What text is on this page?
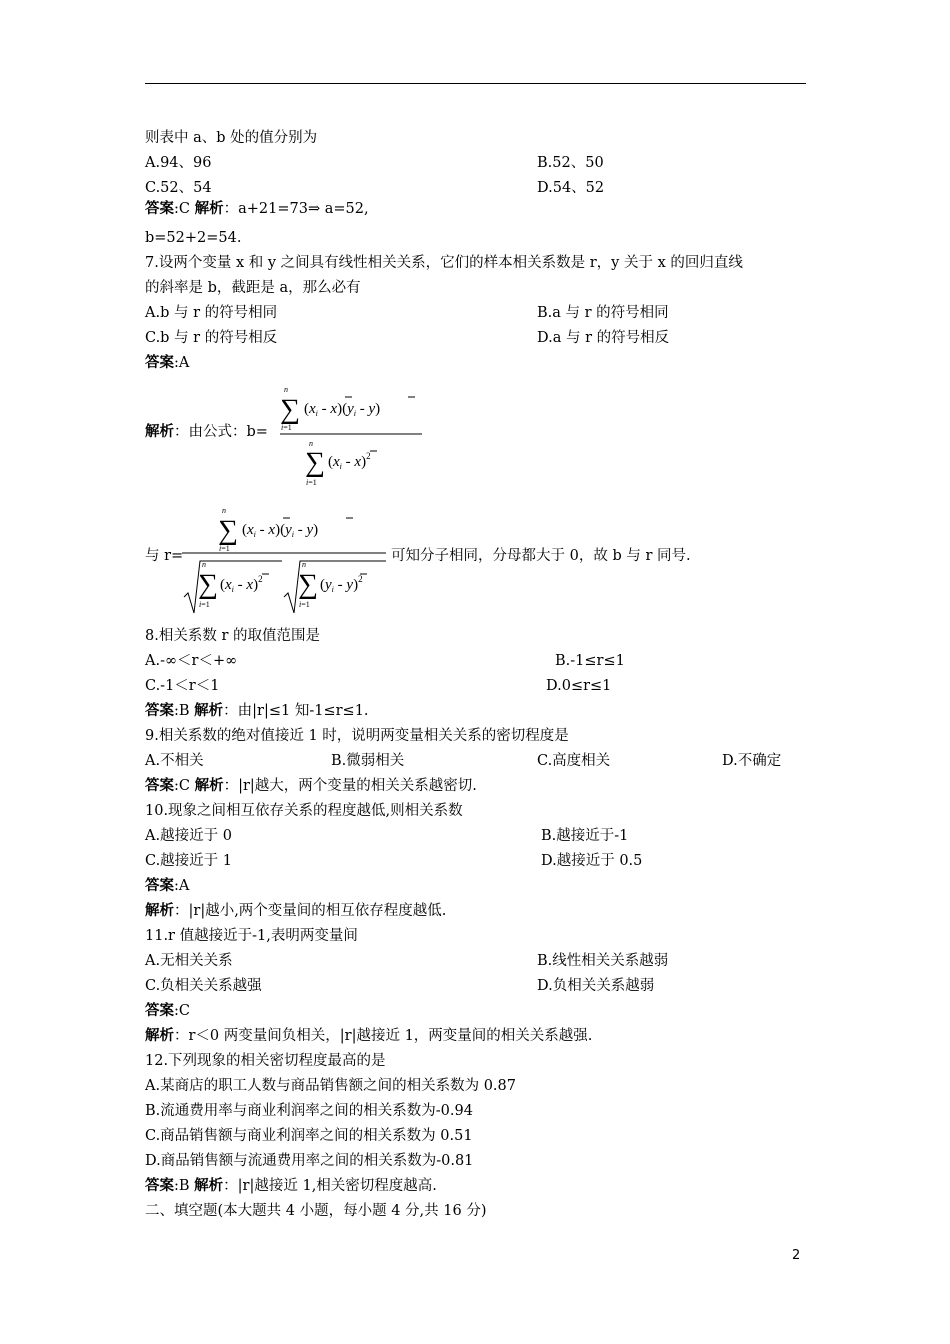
则表中 a、b 处的值分别为
A.94、96	B.52、50
C.52、54	D.54、52
答案:C 解析：a+21=73⇒ a=52,
b=52+2=54.
7.设两个变量 x 和 y 之间具有线性相关关系，它们的样本相关系数是 r，y 关于 x 的回归直线
的斜率是 b，截距是 a，那么必有
A.b 与 r 的符号相同	B.a 与 r 的符号相同
C.b 与 r 的符号相反	D.a 与 r 的符号相反
答案:A
解析：由公式：b=
n
∑
i=1
$(x_i - x)(y_i - y)$
n
∑
i=1
$(x_i - x)^2$
与 r=
n
∑
i=1
$(x_i - x)(y_i - y)$
n
∑
i=1
$(x_i - x)^2$
n
∑
i=1
$(y_i - y)^2$
可知分子相同，分母都大于 0，故 b 与 r 同号.
8.相关系数 r 的取值范围是
A.-∞＜r＜+∞	B.-1≤r≤1
C.-1＜r＜1	D.0≤r≤1
答案:B 解析：由|r|≤1 知-1≤r≤1.
9.相关系数的绝对值接近 1 时，说明两变量相关关系的密切程度是
A.不相关	B.微弱相关	C.高度相关	D.不确定
答案:C 解析：|r|越大，两个变量的相关关系越密切.
10.现象之间相互依存关系的程度越低,则相关系数
A.越接近于 0	B.越接近于-1
C.越接近于 1	D.越接近于 0.5
答案:A
解析：|r|越小,两个变量间的相互依存程度越低.
11.r 值越接近于-1,表明两变量间
A.无相关关系	B.线性相关关系越弱
C.负相关关系越强	D.负相关关系越弱
答案:C
解析：r＜0 两变量间负相关，|r|越接近 1，两变量间的相关关系越强.
12.下列现象的相关密切程度最高的是
A.某商店的职工人数与商品销售额之间的相关系数为 0.87
B.流通费用率与商业利润率之间的相关系数为-0.94
C.商品销售额与商业利润率之间的相关系数为 0.51
D.商品销售额与流通费用率之间的相关系数为-0.81
答案:B 解析：|r|越接近 1,相关密切程度越高.
二、填空题(本大题共 4 小题，每小题 4 分,共 16 分)
2
